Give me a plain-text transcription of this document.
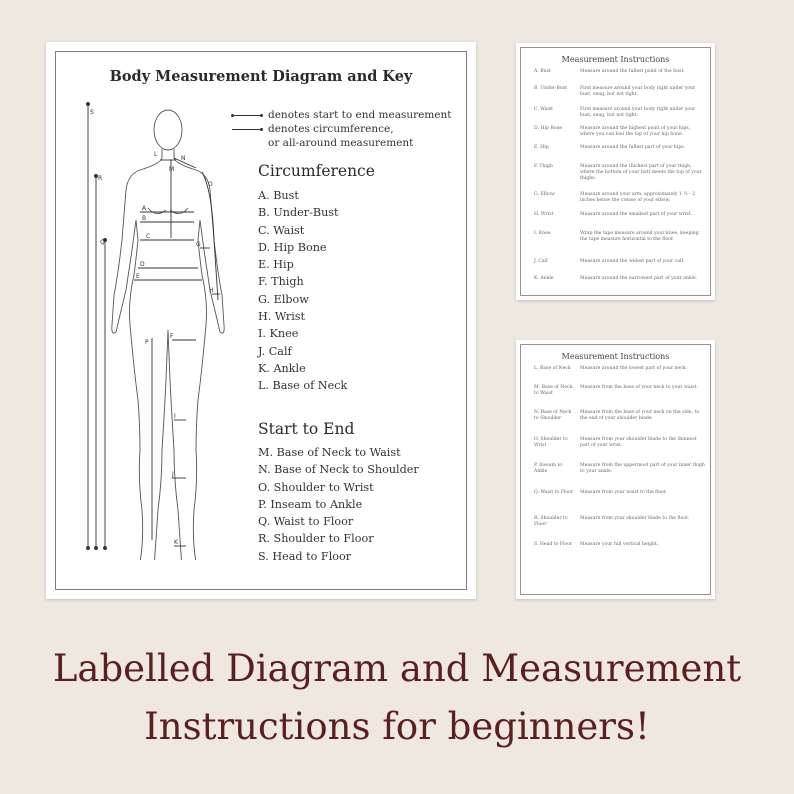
Body Measurement Diagram and Key
denotes start to end measurement
denotes circumference,
or all-around measurement
Circumference
A. Bust
B. Under-Bust
C. Waist
D. Hip Bone
E. Hip
F. Thigh
G. Elbow
H. Wrist
I. Knee
J. Calf
K. Ankle
L. Base of Neck
Start to End
M. Base of Neck to Waist
N. Base of Neck to Shoulder
O. Shoulder to Wrist
P. Inseam to Ankle
Q. Waist to Floor
R. Shoulder to Floor
S. Head to Floor
S
R
Q
L
N
M
O
A
B
C
G
D
E
H
P
F
I
J
K
Measurement Instructions
A. Bust	Measure around the fullest point of the bust.
B. Under-Bust	First measure around your body right under your bust, snug, but not tight.
C. Waist	First measure around your body right under your bust, snug, but not tight.
D. Hip Bone	Measure around the highest point of your hips, where you can feel the top of your hip bone.
E. Hip	Measure around the fullest part of your hips.
F. Thigh	Measure around the thickest part of your thigh, where the bottom of your butt meets the top of your thighs.
G. Elbow	Measure around your arm, approximately 1 ½ - 2 inches below the crease of your elbow.
H. Wrist	Measure around the smallest part of your wrist.
I. Knee	Wrap the tape measure around your knee, keeping the tape measure horizontal to the floor.
J. Calf	Measure around the widest part of your calf.
K. Ankle	Measure around the narrowest part of your ankle.
Measurement Instructions
L. Base of Neck	Measure around the lowest part of your neck.
M. Base of Neck to Waist
Measure from the base of your neck to your waist.
N. Base of Neck to Shoulder
Measure from the base of your neck on the side, to the end of your shoulder blade.
O. Shoulder to Wrist
Measure from your shoulder blade to the thinnest part of your wrist.
P. Inseam to Ankle
Measure from the uppermost part of your inner thigh to your ankle.
Q. Waist to Floor	Measure from your waist to the floor.
R. Shoulder to Floor
Measure from your shoulder blade to the floor.
S. Head to Floor	Measure your full vertical height.
Labelled Diagram and Measurement
Instructions for beginners!
